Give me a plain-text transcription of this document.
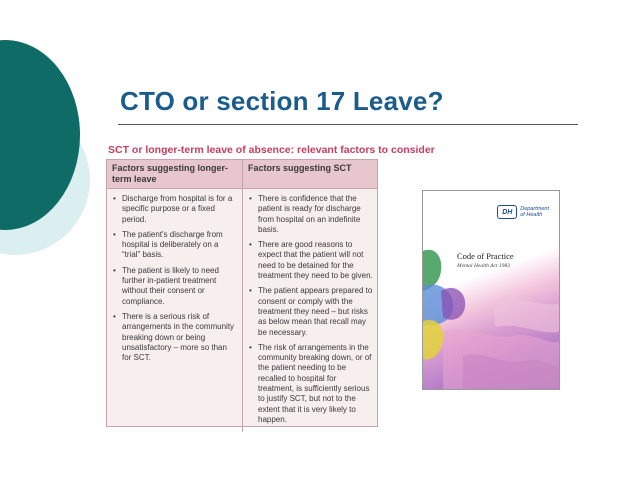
CTO or section 17 Leave?
SCT or longer-term leave of absence: relevant factors to consider
Factors suggesting longer-term leave
Factors suggesting SCT
• Discharge from hospital is for a specific purpose or a fixed period.
• The patient's discharge from hospital is deliberately on a “trial” basis.
• The patient is likely to need further in-patient treatment without their consent or compliance.
• There is a serious risk of arrangements in the community breaking down or being unsatisfactory – more so than for SCT.
• There is confidence that the patient is ready for discharge from hospital on an indefinite basis.
• There are good reasons to expect that the patient will not need to be detained for the treatment they need to be given.
• The patient appears prepared to consent or comply with the treatment they need – but risks as below mean that recall may be necessary.
• The risk of arrangements in the community breaking down, or of the patient needing to be recalled to hospital for treatment, is sufficiently serious to justify SCT, but not to the extent that it is very likely to happen.
DH	Department
of Health
Code of Practice
Mental Health Act 1983
